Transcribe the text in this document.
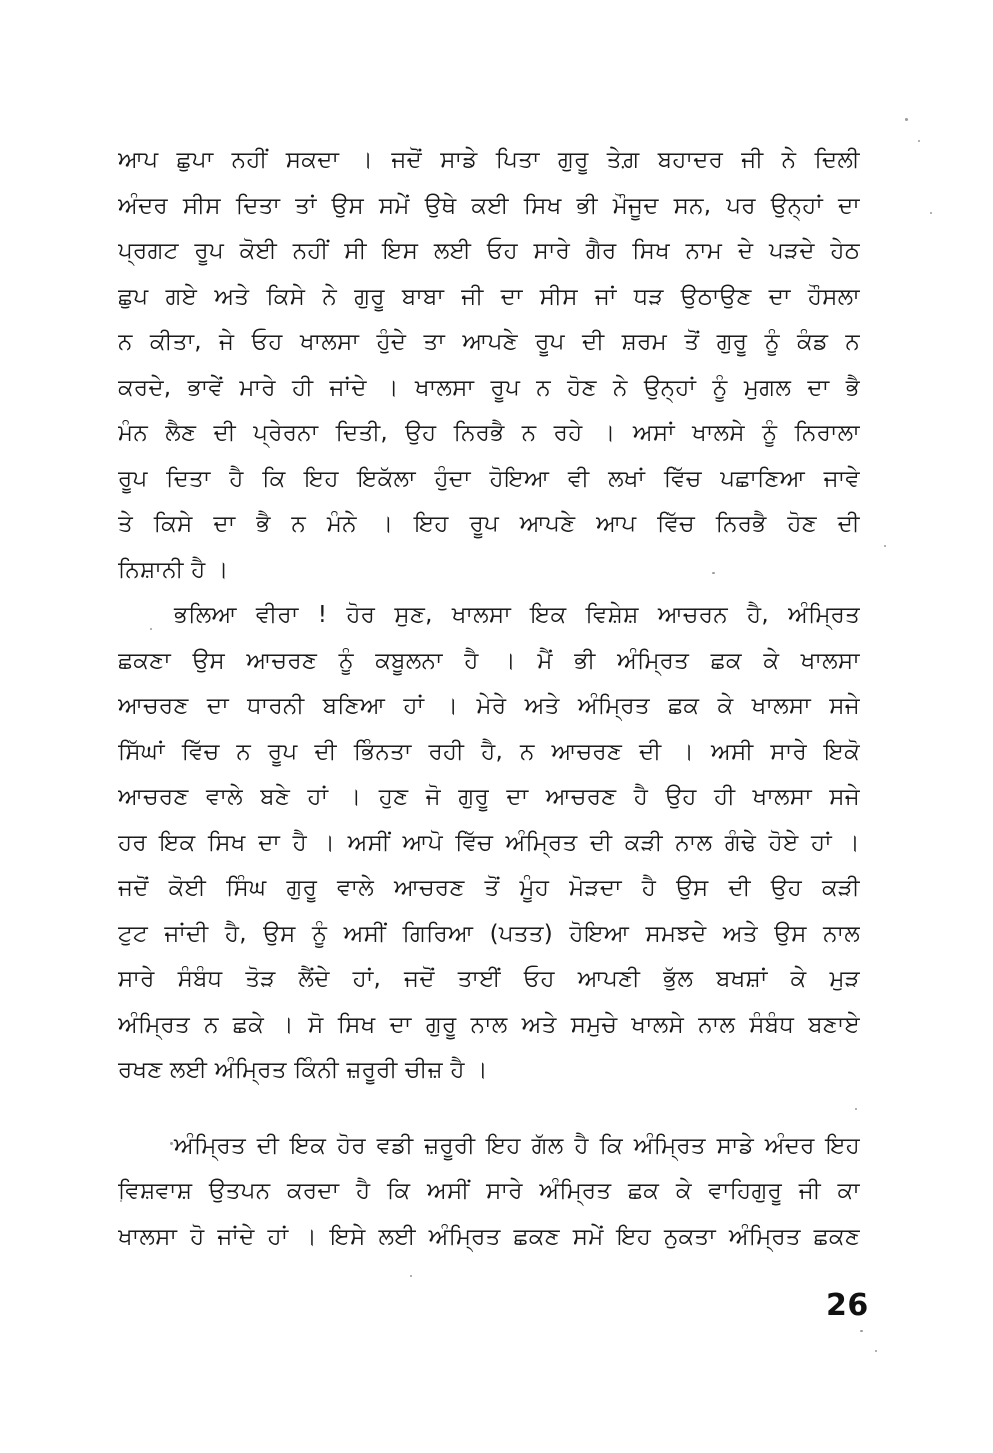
ਆਪ ਛੁਪਾ ਨਹੀਂ ਸਕਦਾ । ਜਦੋਂ ਸਾਡੇ ਪਿਤਾ ਗੁਰੂ ਤੇਗ਼ ਬਹਾਦਰ ਜੀ ਨੇ ਦਿਲੀ
ਅੰਦਰ ਸੀਸ ਦਿਤਾ ਤਾਂ ਉਸ ਸਮੇਂ ਉਥੇ ਕਈ ਸਿਖ ਭੀ ਮੌਜੂਦ ਸਨ, ਪਰ ਉਨ੍ਹਾਂ ਦਾ
ਪ੍ਰਗਟ ਰੂਪ ਕੋਈ ਨਹੀਂ ਸੀ ਇਸ ਲਈ ਓਹ ਸਾਰੇ ਗੈਰ ਸਿਖ ਨਾਮ ਦੇ ਪੜਦੇ ਹੇਠ
ਛੁਪ ਗਏ ਅਤੇ ਕਿਸੇ ਨੇ ਗੁਰੂ ਬਾਬਾ ਜੀ ਦਾ ਸੀਸ ਜਾਂ ਧੜ ਉਠਾਉਣ ਦਾ ਹੌਸਲਾ
ਨ ਕੀਤਾ, ਜੇ ਓਹ ਖਾਲਸਾ ਹੁੰਦੇ ਤਾ ਆਪਣੇ ਰੂਪ ਦੀ ਸ਼ਰਮ ਤੋਂ ਗੁਰੂ ਨੂੰ ਕੰਡ ਨ
ਕਰਦੇ, ਭਾਵੇਂ ਮਾਰੇ ਹੀ ਜਾਂਦੇ । ਖਾਲਸਾ ਰੂਪ ਨ ਹੋਣ ਨੇ ਉਨ੍ਹਾਂ ਨੂੰ ਮੁਗਲ ਦਾ ਭੈ
ਮੰਨ ਲੈਣ ਦੀ ਪ੍ਰੇਰਨਾ ਦਿਤੀ, ਉਹ ਨਿਰਭੈ ਨ ਰਹੇ । ਅਸਾਂ ਖਾਲਸੇ ਨੂੰ ਨਿਰਾਲਾ
ਰੂਪ ਦਿਤਾ ਹੈ ਕਿ ਇਹ ਇਕੱਲਾ ਹੁੰਦਾ ਹੋਇਆ ਵੀ ਲਖਾਂ ਵਿੱਚ ਪਛਾਣਿਆ ਜਾਵੇ
ਤੇ ਕਿਸੇ ਦਾ ਭੈ ਨ ਮੰਨੇ । ਇਹ ਰੂਪ ਆਪਣੇ ਆਪ ਵਿੱਚ ਨਿਰਭੈ ਹੋਣ ਦੀ
ਨਿਸ਼ਾਨੀ ਹੈ ।
ਭਲਿਆ ਵੀਰਾ ! ਹੋਰ ਸੁਣ, ਖਾਲਸਾ ਇਕ ਵਿਸ਼ੇਸ਼ ਆਚਰਨ ਹੈ, ਅੰਮ੍ਰਿਤ
ਛਕਣਾ ਉਸ ਆਚਰਣ ਨੂੰ ਕਬੂਲਨਾ ਹੈ । ਮੈਂ ਭੀ ਅੰਮ੍ਰਿਤ ਛਕ ਕੇ ਖਾਲਸਾ
ਆਚਰਣ ਦਾ ਧਾਰਨੀ ਬਣਿਆ ਹਾਂ । ਮੇਰੇ ਅਤੇ ਅੰਮ੍ਰਿਤ ਛਕ ਕੇ ਖਾਲਸਾ ਸਜੇ
ਸਿੱਘਾਂ ਵਿੱਚ ਨ ਰੂਪ ਦੀ ਭਿੰਨਤਾ ਰਹੀ ਹੈ, ਨ ਆਚਰਣ ਦੀ । ਅਸੀ ਸਾਰੇ ਇਕੋ
ਆਚਰਣ ਵਾਲੇ ਬਣੇ ਹਾਂ । ਹੁਣ ਜੋ ਗੁਰੂ ਦਾ ਆਚਰਣ ਹੈ ਉਹ ਹੀ ਖਾਲਸਾ ਸਜੇ
ਹਰ ਇਕ ਸਿਖ ਦਾ ਹੈ । ਅਸੀਂ ਆਪੋ ਵਿੱਚ ਅੰਮ੍ਰਿਤ ਦੀ ਕੜੀ ਨਾਲ ਗੰਢੇ ਹੋਏ ਹਾਂ ।
ਜਦੋਂ ਕੋਈ ਸਿੰਘ ਗੁਰੂ ਵਾਲੇ ਆਚਰਣ ਤੋਂ ਮੂੰਹ ਮੋੜਦਾ ਹੈ ਉਸ ਦੀ ਉਹ ਕੜੀ
ਟੁਟ ਜਾਂਦੀ ਹੈ, ਉਸ ਨੂੰ ਅਸੀਂ ਗਿਰਿਆ (ਪਤਤ) ਹੋਇਆ ਸਮਝਦੇ ਅਤੇ ਉਸ ਨਾਲ
ਸਾਰੇ ਸੰਬੰਧ ਤੋੜ ਲੈਂਦੇ ਹਾਂ, ਜਦੋਂ ਤਾਈਂ ਓਹ ਆਪਣੀ ਭੁੱਲ ਬਖਸ਼ਾਂ ਕੇ ਮੁੜ
ਅੰਮ੍ਰਿਤ ਨ ਛਕੇ । ਸੋ ਸਿਖ ਦਾ ਗੁਰੂ ਨਾਲ ਅਤੇ ਸਮੁਚੇ ਖਾਲਸੇ ਨਾਲ ਸੰਬੰਧ ਬਣਾਏ
ਰਖਣ ਲਈ ਅੰਮ੍ਰਿਤ ਕਿੰਨੀ ਜ਼ਰੂਰੀ ਚੀਜ਼ ਹੈ ।
ਅੰਮ੍ਰਿਤ ਦੀ ਇਕ ਹੋਰ ਵਡੀ ਜ਼ਰੂਰੀ ਇਹ ਗੱਲ ਹੈ ਕਿ ਅੰਮ੍ਰਿਤ ਸਾਡੇ ਅੰਦਰ ਇਹ
ਵਿਸ਼ਵਾਸ਼ ਉਤਪਨ ਕਰਦਾ ਹੈ ਕਿ ਅਸੀਂ ਸਾਰੇ ਅੰਮ੍ਰਿਤ ਛਕ ਕੇ ਵਾਹਿਗੁਰੂ ਜੀ ਕਾ
ਖਾਲਸਾ ਹੋ ਜਾਂਦੇ ਹਾਂ । ਇਸੇ ਲਈ ਅੰਮ੍ਰਿਤ ਛਕਣ ਸਮੇਂ ਇਹ ਨੁਕਤਾ ਅੰਮ੍ਰਿਤ ਛਕਣ
26
